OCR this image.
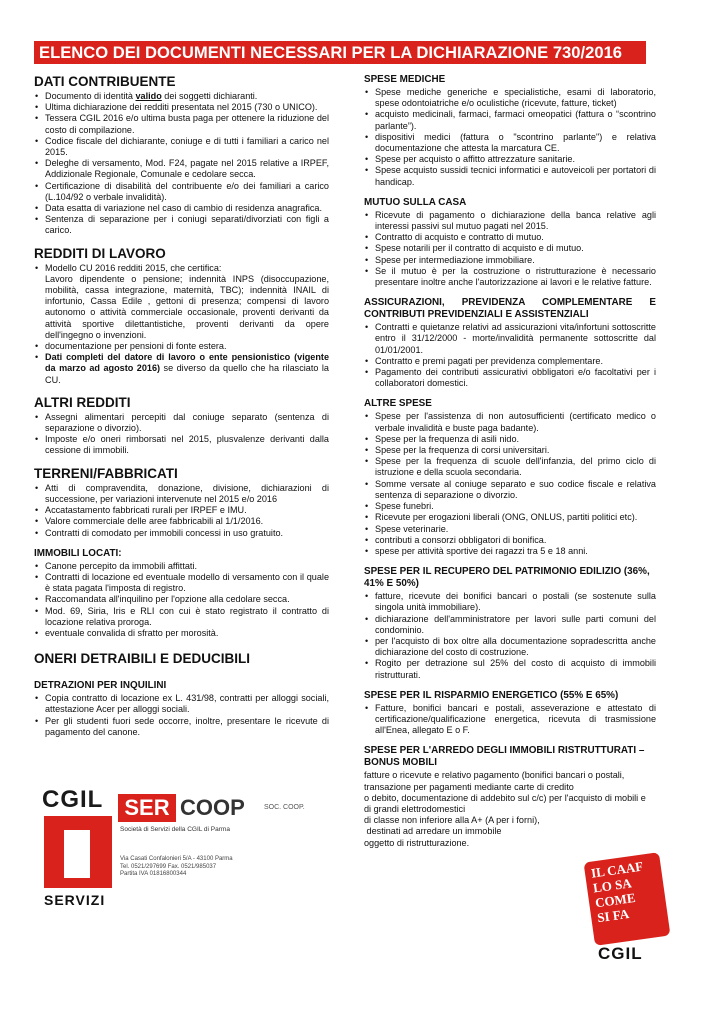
ELENCO DEI DOCUMENTI NECESSARI PER LA DICHIARAZIONE 730/2016
DATI CONTRIBUENTE
• Documento di identità valido dei soggetti dichiaranti.
• Ultima dichiarazione dei redditi presentata nel 2015 (730 o UNICO).
• Tessera CGIL 2016 e/o ultima busta paga per ottenere la riduzione del costo di compilazione.
• Codice fiscale del dichiarante, coniuge e di tutti i familiari a carico nel 2015.
• Deleghe di versamento, Mod. F24, pagate nel 2015 relative a IRPEF, Addizionale Regionale, Comunale e cedolare secca.
• Certificazione di disabilità del contribuente e/o dei familiari a carico (L.104/92 o verbale invalidità).
• Data esatta di variazione nel caso di cambio di residenza anagrafica.
• Sentenza di separazione per i coniugi separati/divorziati con figli a carico.
REDDITI DI LAVORO
• Modello CU 2016 redditi 2015, che certifica:
Lavoro dipendente o pensione; indennità INPS (disoccupazione, mobilità, cassa integrazione, maternità, TBC); indennità INAIL di infortunio, Cassa Edile , gettoni di presenza; compensi di lavoro autonomo o attività commerciale occasionale, proventi derivanti da attività sportive dilettantistiche, proventi derivanti da opere dell'ingegno o invenzioni.
• documentazione per pensioni di fonte estera.
• Dati completi del datore di lavoro o ente pensionistico (vigente da marzo ad agosto 2016) se diverso da quello che ha rilasciato la CU.
ALTRI REDDITI
• Assegni alimentari percepiti dal coniuge separato (sentenza di separazione o divorzio).
• Imposte e/o oneri rimborsati nel 2015, plusvalenze derivanti dalla cessione di immobili.
TERRENI/FABBRICATI
• Atti di compravendita, donazione, divisione, dichiarazioni di successione, per variazioni intervenute nel 2015 e/o 2016
• Accatastamento fabbricati rurali per IRPEF e IMU.
• Valore commerciale delle aree fabbricabili al 1/1/2016.
• Contratti di comodato per immobili concessi in uso gratuito.
IMMOBILI LOCATI:
• Canone percepito da immobili affittati.
• Contratti di locazione ed eventuale modello di versamento con il quale è stata pagata l'imposta di registro.
• Raccomandata all'inquilino per l'opzione alla cedolare secca.
• Mod. 69, Siria, Iris e RLI con cui è stato registrato il contratto di locazione relativa proroga.
• eventuale convalida di sfratto per morosità.
ONERI DETRAIBILI E DEDUCIBILI
DETRAZIONI PER INQUILINI
• Copia contratto di locazione ex L. 431/98, contratti per alloggi sociali, attestazione Acer per alloggi sociali.
• Per gli studenti fuori sede occorre, inoltre, presentare le ricevute di pagamento del canone.
SPESE MEDICHE
• Spese mediche generiche e specialistiche, esami di laboratorio, spese odontoiatriche e/o oculistiche (ricevute, fatture, ticket)
• acquisto medicinali, farmaci, farmaci omeopatici (fattura o “scontrino parlante”).
• dispositivi medici (fattura o "scontrino parlante") e relativa documentazione che attesta la marcatura CE.
• Spese per acquisto o affitto attrezzature sanitarie.
• Spese acquisto sussidi tecnici informatici e autoveicoli per portatori di handicap.
MUTUO SULLA CASA
• Ricevute di pagamento o dichiarazione della banca relative agli interessi passivi sul mutuo pagati nel 2015.
• Contratto di acquisto e contratto di mutuo.
• Spese notarili per il contratto di acquisto e di mutuo.
• Spese per intermediazione immobiliare.
• Se il mutuo è per la costruzione o ristrutturazione è necessario presentare inoltre anche l'autorizzazione ai lavori e le relative fatture.
ASSICURAZIONI, PREVIDENZA COMPLEMENTARE E CONTRIBUTI PREVIDENZIALI E ASSISTENZIALI
• Contratti e quietanze relativi ad assicurazioni vita/infortuni sottoscritte entro il 31/12/2000 - morte/invalidità permanente sottoscritte dal 01/01/2001.
• Contratto e premi pagati per previdenza complementare.
• Pagamento dei contributi assicurativi obbligatori e/o facoltativi per i collaboratori domestici.
ALTRE SPESE
• Spese per l'assistenza di non autosufficienti (certificato medico o verbale invalidità e buste paga badante).
• Spese per la frequenza di asili nido.
• Spese per la frequenza di corsi universitari.
• Spese per la frequenza di scuole dell'infanzia, del primo ciclo di istruzione e della scuola secondaria.
• Somme versate al coniuge separato e suo codice fiscale e relativa sentenza di separazione o divorzio.
• Spese funebri.
• Ricevute per erogazioni liberali (ONG, ONLUS, partiti politici etc).
• Spese veterinarie.
• contributi a consorzi obbligatori di bonifica.
• spese per attività sportive dei ragazzi tra 5 e 18 anni.
SPESE PER IL RECUPERO DEL PATRIMONIO EDILIZIO (36%, 41% E 50%)
• fatture, ricevute dei bonifici bancari o postali (se sostenute sulla singola unità immobiliare).
• dichiarazione dell'amministratore per lavori sulle parti comuni del condominio.
• per l'acquisto di box oltre alla documentazione sopradescritta anche dichiarazione del costo di costruzione.
• Rogito per detrazione sul 25% del costo di acquisto di immobili ristrutturati.
SPESE PER IL RISPARMIO ENERGETICO (55% E 65%)
• Fatture, bonifici bancari e postali, asseverazione e attestato di certificazione/qualificazione energetica, ricevuta di trasmissione all'Enea, allegato E o F.
SPESE PER L'ARREDO DEGLI IMMOBILI RISTRUTTURATI – BONUS MOBILI
fatture o ricevute e relativo pagamento (bonifici bancari o postali, transazione per pagamenti mediante carte di credito
o debito, documentazione di addebito sul c/c) per l'acquisto di mobili e di grandi elettrodomestici
di classe non inferiore alla A+ (A per i forni),
destinati ad arredare un immobile
oggetto di ristrutturazione.
CGIL
SERVIZI
SER COOP	SOC. COOP.
Società di Servizi della CGIL di Parma
Via Casati Confalonieri 5/A - 43100 Parma
Tel. 0521/297699 Fax. 0521/985037
Partita IVA 01816800344	IL CAAF
LO SA
COME
SI FA
CGIL
